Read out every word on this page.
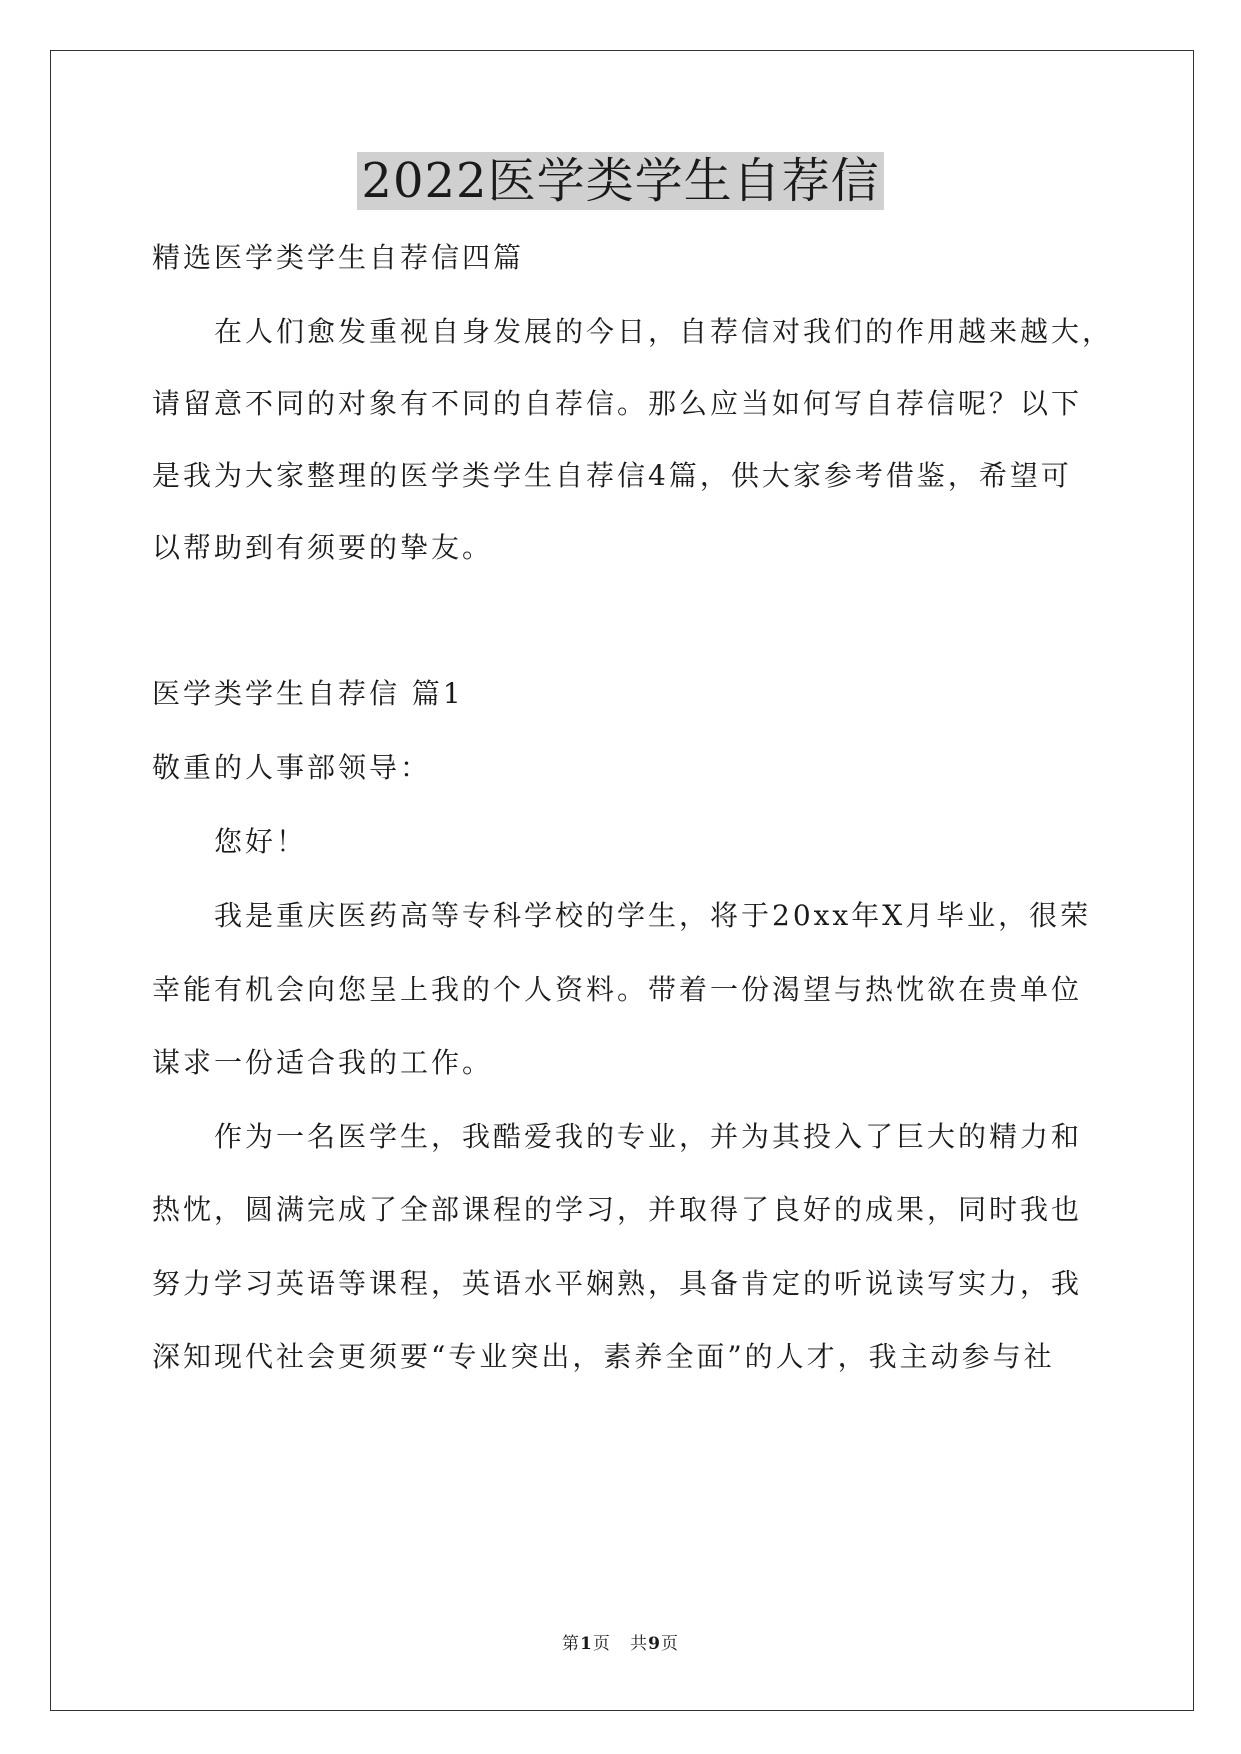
2022医学类学生自荐信
精选医学类学生自荐信四篇
在人们愈发重视自身发展的今日，自荐信对我们的作用越来越大，
请留意不同的对象有不同的自荐信。那么应当如何写自荐信呢？以下
是我为大家整理的医学类学生自荐信4篇，供大家参考借鉴，希望可
以帮助到有须要的挚友。
医学类学生自荐信 篇1
敬重的人事部领导：
您好！
我是重庆医药高等专科学校的学生，将于20xx年X月毕业，很荣
幸能有机会向您呈上我的个人资料。带着一份渴望与热忱欲在贵单位
谋求一份适合我的工作。
作为一名医学生，我酷爱我的专业，并为其投入了巨大的精力和
热忱，圆满完成了全部课程的学习，并取得了良好的成果，同时我也
努力学习英语等课程，英语水平娴熟，具备肯定的听说读写实力，我
深知现代社会更须要“专业突出，素养全面”的人才，我主动参与社
第1页 共9页
